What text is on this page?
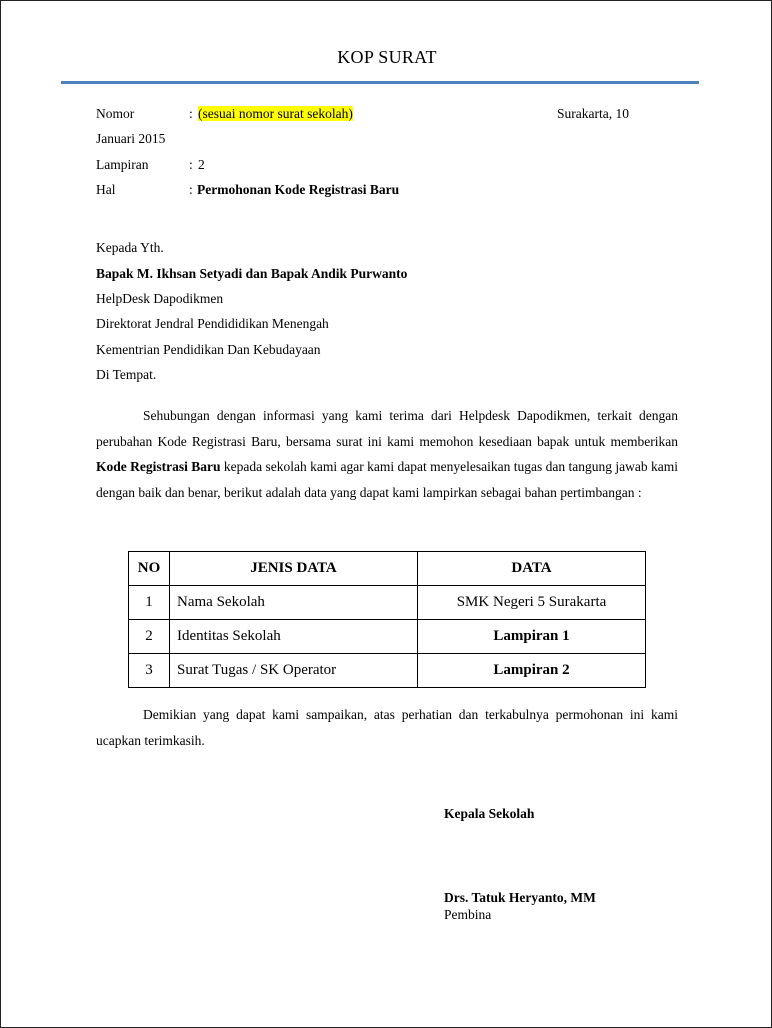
KOP SURAT
Nomor	: (sesuai nomor surat sekolah)	Surakarta, 10
Januari 2015
Lampiran	: 2
Hal	: Permohonan Kode Registrasi Baru
Kepada Yth.
Bapak M. Ikhsan Setyadi dan Bapak Andik Purwanto
HelpDesk Dapodikmen
Direktorat Jendral Pendididikan Menengah
Kementrian Pendidikan Dan Kebudayaan
Di Tempat.
Sehubungan dengan informasi yang kami terima dari Helpdesk Dapodikmen, terkait dengan perubahan Kode Registrasi Baru, bersama surat ini kami memohon kesediaan bapak untuk memberikan Kode Registrasi Baru kepada sekolah kami agar kami dapat menyelesaikan tugas dan tangung jawab kami dengan baik dan benar, berikut adalah data yang dapat kami lampirkan sebagai bahan pertimbangan :
NO	JENIS DATA	DATA
1	Nama Sekolah	SMK Negeri 5 Surakarta
2	Identitas Sekolah	Lampiran 1
3	Surat Tugas / SK Operator	Lampiran 2
Demikian yang dapat kami sampaikan, atas perhatian dan terkabulnya permohonan ini kami ucapkan terimkasih.
Kepala Sekolah
Drs. Tatuk Heryanto, MM
Pembina
